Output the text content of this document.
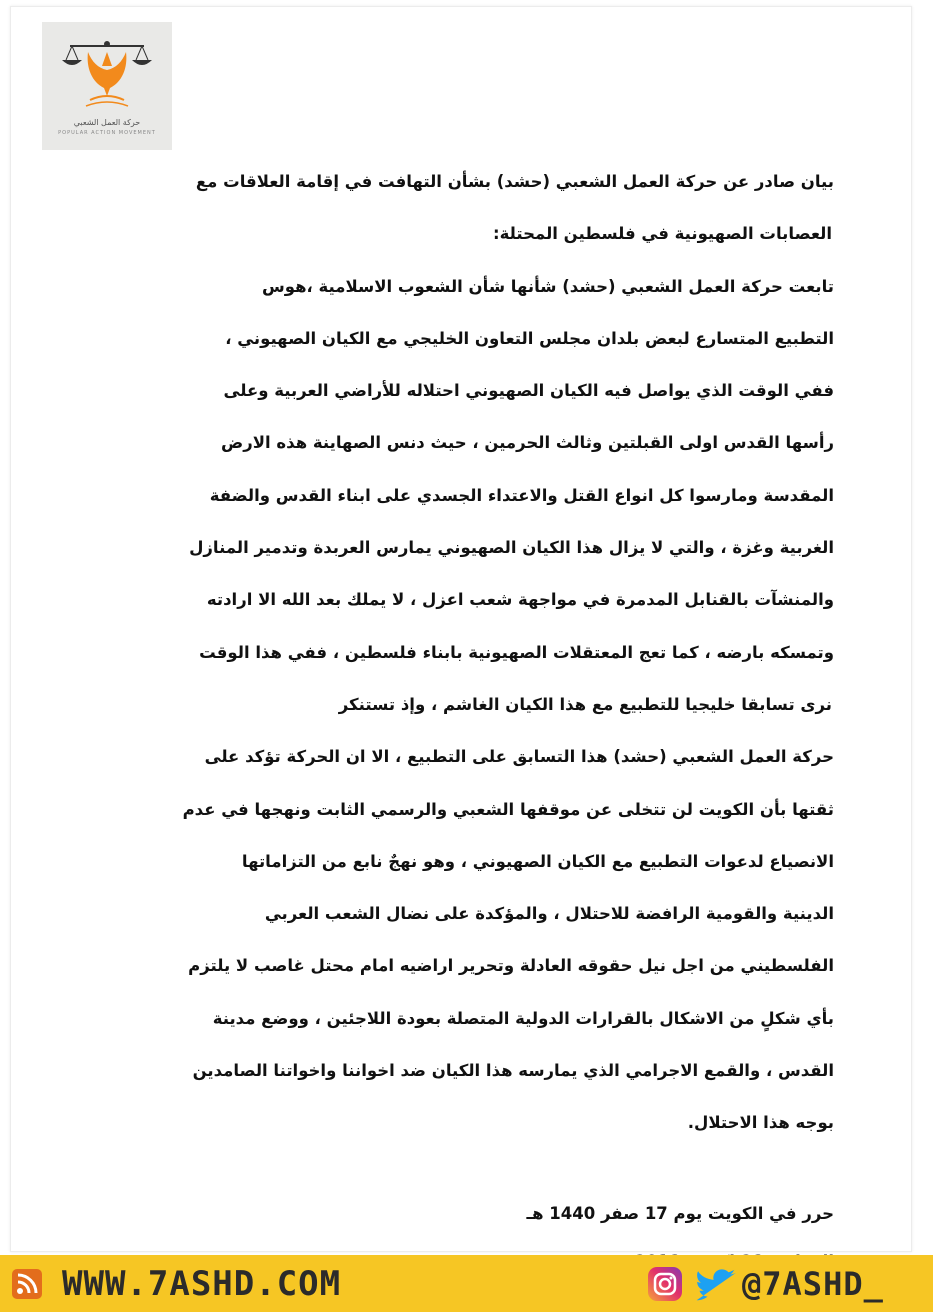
حركة العمل الشعبي
POPULAR ACTION MOVEMENT
بيان صادر عن حركة العمل الشعبي (حشد) بشأن التهافت في إقامة العلاقات مع
العصابات الصهيونية في فلسطين المحتلة:
تابعت حركة العمل الشعبي (حشد) شأنها شأن الشعوب الاسلامية ،هوس
التطبيع المتسارع لبعض بلدان مجلس التعاون الخليجي مع الكيان الصهيوني ،
ففي الوقت الذي يواصل فيه الكيان الصهيوني احتلاله للأراضي العربية وعلى
رأسها القدس اولى القبلتين وثالث الحرمين ، حيث دنس الصهاينة هذه الارض
المقدسة ومارسوا كل انواع القتل والاعتداء الجسدي على ابناء القدس والضفة
الغربية وغزة ، والتي لا يزال هذا الكيان الصهيوني يمارس العربدة وتدمير المنازل
والمنشآت بالقنابل المدمرة في مواجهة شعب اعزل ، لا يملك بعد الله الا ارادته
وتمسكه بارضه ، كما تعج المعتقلات الصهيونية بابناء فلسطين ، ففي هذا الوقت
نرى تسابقا خليجيا للتطبيع مع هذا الكيان الغاشم ، وإذ تستنكر
حركة العمل الشعبي (حشد) هذا التسابق على التطبيع ، الا ان الحركة تؤكد على
ثقتها بأن الكويت لن تتخلى عن موقفها الشعبي والرسمي الثابت ونهجها في عدم
الانصياع لدعوات التطبيع مع الكيان الصهيوني ، وهو نهجٌ نابع من التزاماتها
الدينية والقومية الرافضة للاحتلال ، والمؤكدة على نضال الشعب العربي
الفلسطيني من اجل نيل حقوقه العادلة وتحرير اراضيه امام محتل غاصب لا يلتزم
بأي شكلٍ من الاشكال بالقرارات الدولية المتصلة بعودة اللاجئين ، ووضع مدينة
القدس ، والقمع الاجرامي الذي يمارسه هذا الكيان ضد اخواننا واخواتنا الصامدين
بوجه هذا الاحتلال.
حرر في الكويت يوم 17 صفر 1440 هـ
WWW.7ASHD.COM	@7ASHD_
